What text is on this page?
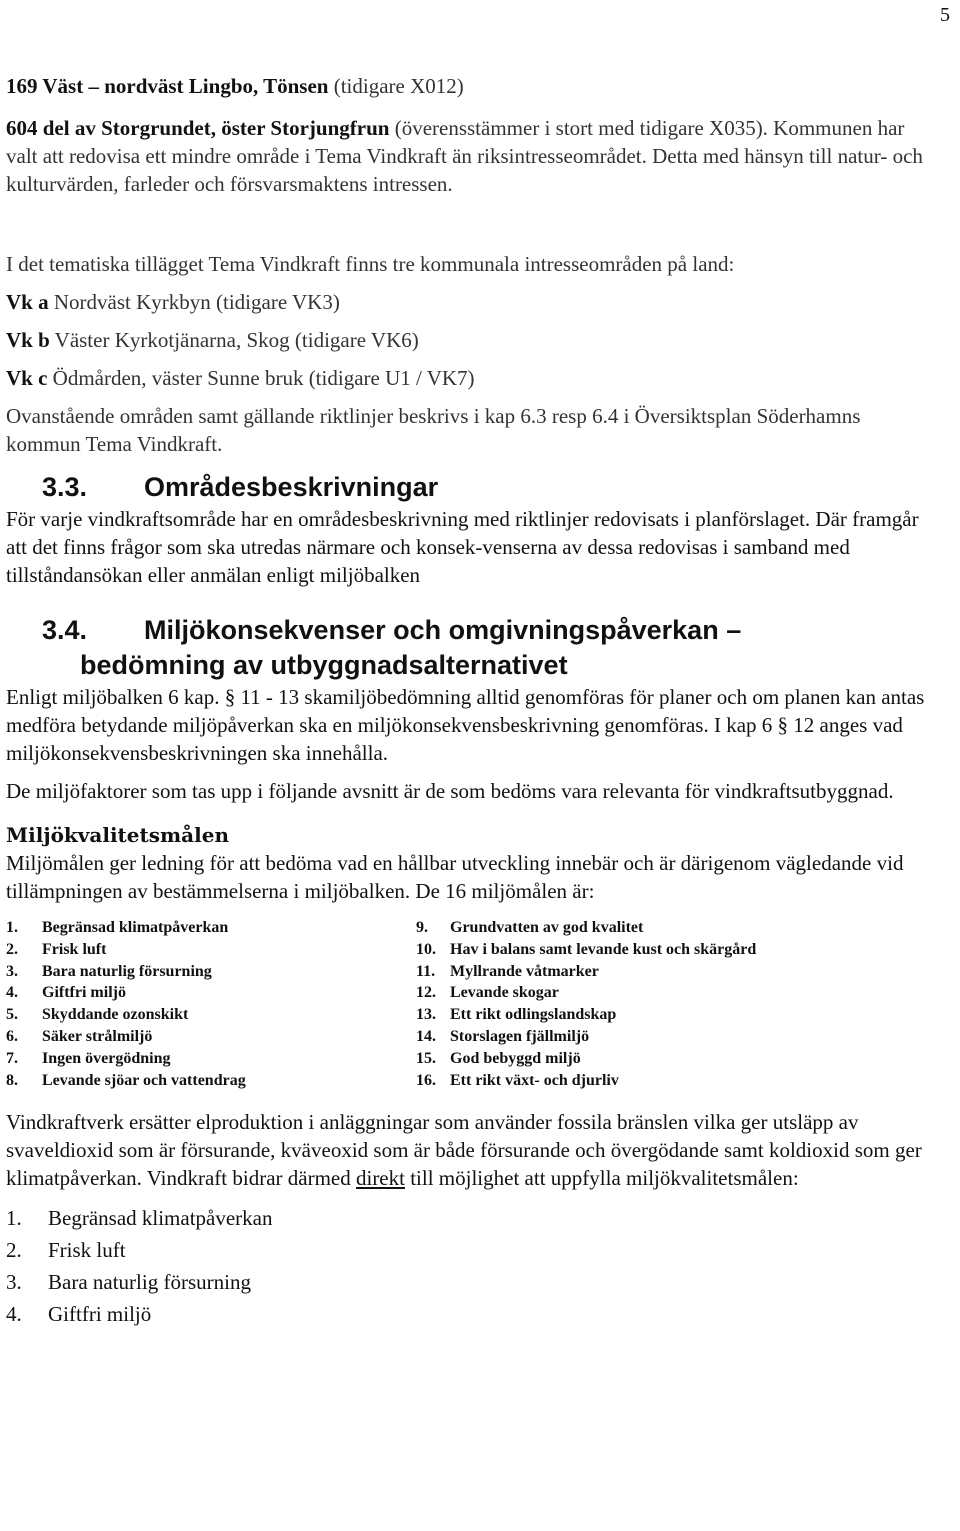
5

169 Väst – nordväst Lingbo, Tönsen (tidigare X012)

604 del av Storgrundet, öster Storjungfrun (överensstämmer i stort med tidigare X035). Kommunen har valt att redovisa ett mindre område i Tema Vindkraft än riksintresseområdet. Detta med hänsyn till natur- och kulturvärden, farleder och försvarsmaktens intressen.

I det tematiska tillägget Tema Vindkraft finns tre kommunala intresseområden på land:

Vk a Nordväst Kyrkbyn (tidigare VK3)

Vk b Väster Kyrkotjänarna, Skog (tidigare VK6)

Vk c Ödmården, väster Sunne bruk (tidigare U1 / VK7)

Ovanstående områden samt gällande riktlinjer beskrivs i kap 6.3 resp 6.4 i Översiktsplan Söderhamns kommun Tema Vindkraft.

3.3. Områdesbeskrivningar

För varje vindkraftsområde har en områdesbeskrivning med riktlinjer redovisats i planförslaget. Där framgår att det finns frågor som ska utredas närmare och konsek-venserna av dessa redovisas i samband med tillståndansökan eller anmälan enligt miljöbalken

3.4. Miljökonsekvenser och omgivningspåverkan –
bedömning av utbyggnadsalternativet

Enligt miljöbalken 6 kap. § 11 - 13 skamiljöbedömning alltid genomföras för planer och om planen kan antas medföra betydande miljöpåverkan ska en miljökonsekvensbeskrivning genomföras. I kap 6 § 12 anges vad miljökonsekvensbeskrivningen ska innehålla.

De miljöfaktorer som tas upp i följande avsnitt är de som bedöms vara relevanta för vindkraftsutbyggnad.

Miljökvalitetsmålen

Miljömålen ger ledning för att bedöma vad en hållbar utveckling innebär och är därigenom vägledande vid tillämpningen av bestämmelserna i miljöbalken. De 16 miljömålen är:

1.	Begränsad klimatpåverkan
2.	Frisk luft
3.	Bara naturlig försurning
4.	Giftfri miljö
5.	Skyddande ozonskikt
6.	Säker strålmiljö
7.	Ingen övergödning
8.	Levande sjöar och vattendrag
9.	Grundvatten av god kvalitet
10. Hav i balans samt levande kust och skärgård
11. Myllrande våtmarker
12. Levande skogar
13. Ett rikt odlingslandskap
14. Storslagen fjällmiljö
15. God bebyggd miljö
16. Ett rikt växt- och djurliv

Vindkraftverk ersätter elproduktion i anläggningar som använder fossila bränslen vilka ger utsläpp av svaveldioxid som är försurande, kväveoxid som är både försurande och övergödande samt koldioxid som ger klimatpåverkan. Vindkraft bidrar därmed direkt till möjlighet att uppfylla miljökvalitetsmålen:

1.	Begränsad klimatpåverkan
2.	Frisk luft
3.	Bara naturlig försurning
4.	Giftfri miljö
